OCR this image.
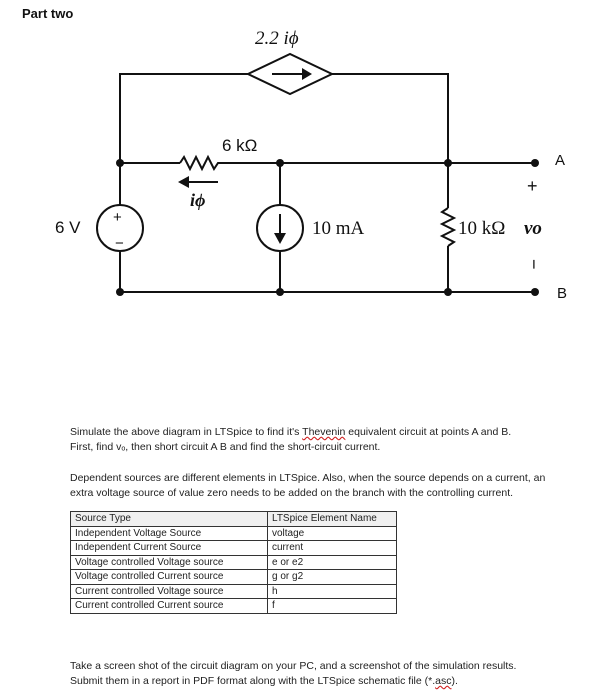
Part two
2.2 iϕ
6 kΩ
iϕ
+
−
6 V	10 mA	10 kΩ vo
+
−
A
B
Simulate the above diagram in LTSpice to find it's Thevenin equivalent circuit at points A and B.
First, find vₒ, then short circuit A B and find the short-circuit current.
Dependent sources are different elements in LTSpice. Also, when the source depends on a current, an extra voltage source of value zero needs to be added on the branch with the controlling current.
Source Type	LTSpice Element Name
Independent Voltage Source	voltage
Independent Current Source	current
Voltage controlled Voltage source	e or e2
Voltage controlled Current source	g or g2
Current controlled Voltage source	h
Current controlled Current source	f
Take a screen shot of the circuit diagram on your PC, and a screenshot of the simulation results.
Submit them in a report in PDF format along with the LTSpice schematic file (*.asc).
